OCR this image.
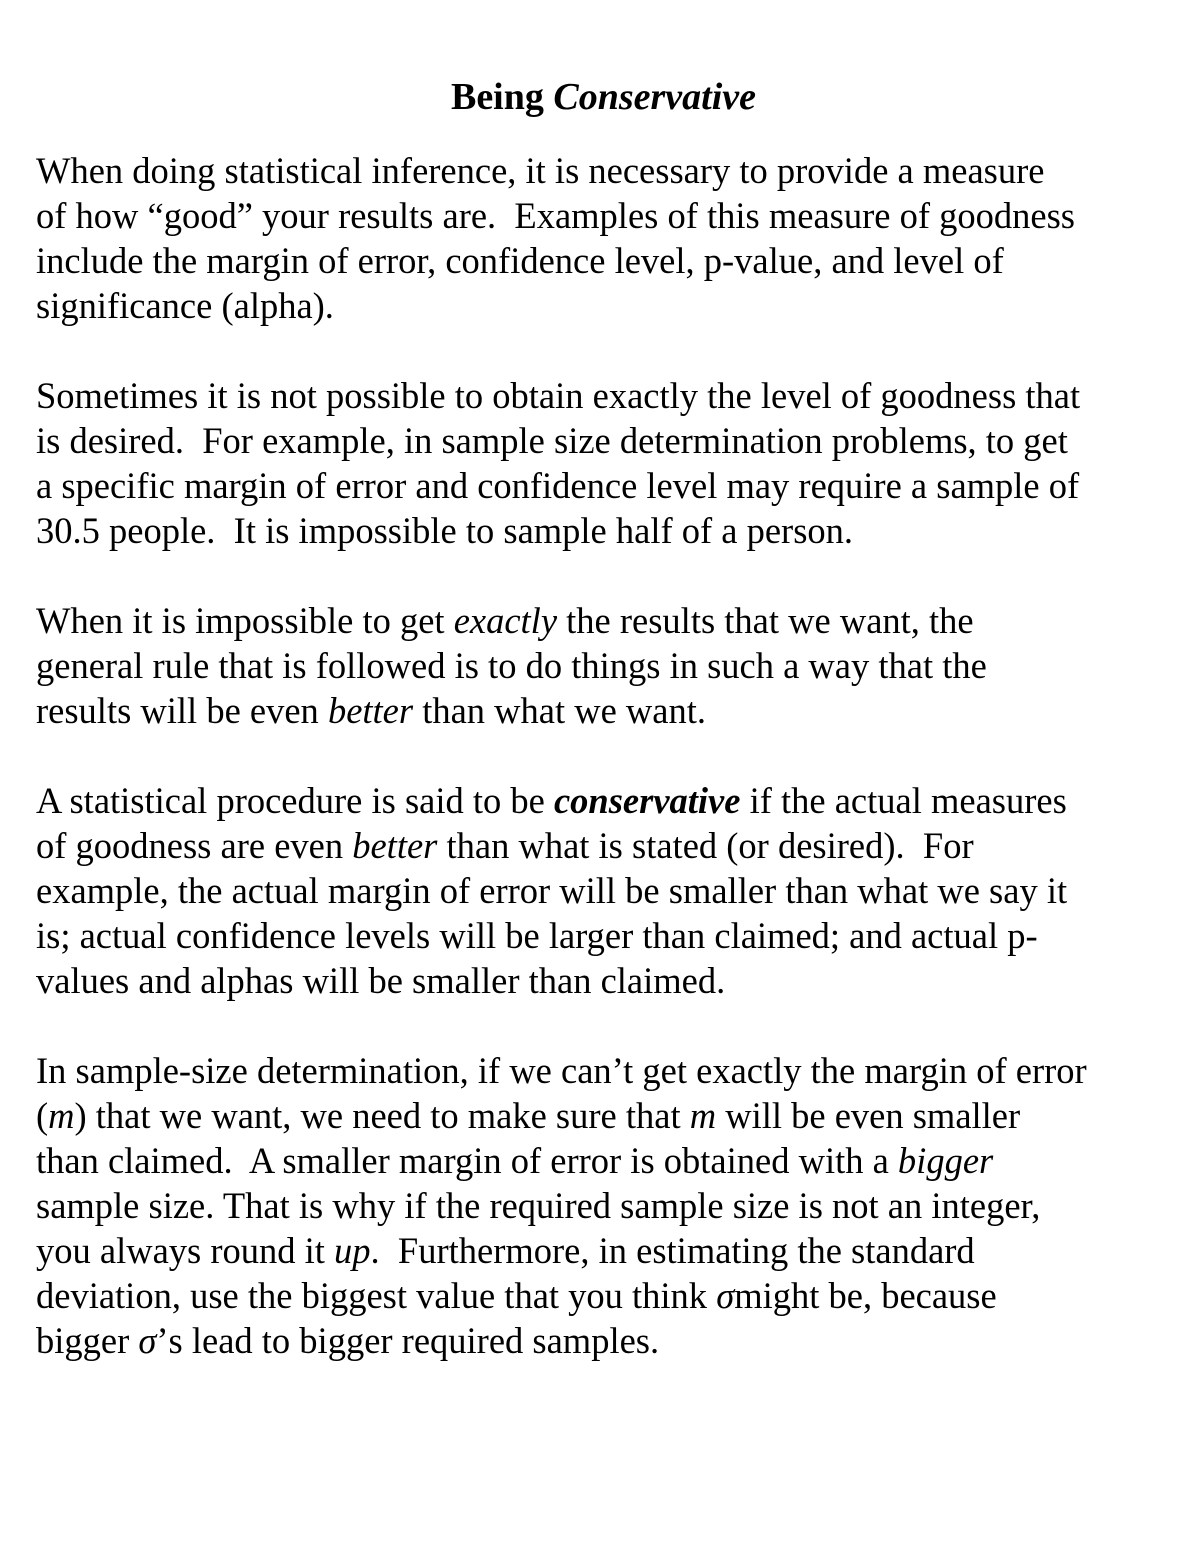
Being Conservative

When doing statistical inference, it is necessary to provide a measure
of how “good” your results are.  Examples of this measure of goodness
include the margin of error, confidence level, p-value, and level of
significance (alpha).

Sometimes it is not possible to obtain exactly the level of goodness that
is desired.  For example, in sample size determination problems, to get
a specific margin of error and confidence level may require a sample of
30.5 people.  It is impossible to sample half of a person.

When it is impossible to get exactly the results that we want, the
general rule that is followed is to do things in such a way that the
results will be even better than what we want.

A statistical procedure is said to be conservative if the actual measures
of goodness are even better than what is stated (or desired).  For
example, the actual margin of error will be smaller than what we say it
is; actual confidence levels will be larger than claimed; and actual p-
values and alphas will be smaller than claimed.

In sample-size determination, if we can’t get exactly the margin of error
(m) that we want, we need to make sure that m will be even smaller
than claimed.  A smaller margin of error is obtained with a bigger
sample size. That is why if the required sample size is not an integer,
you always round it up.  Furthermore, in estimating the standard
deviation, use the biggest value that you think σmight be, because
bigger σ’s lead to bigger required samples.
